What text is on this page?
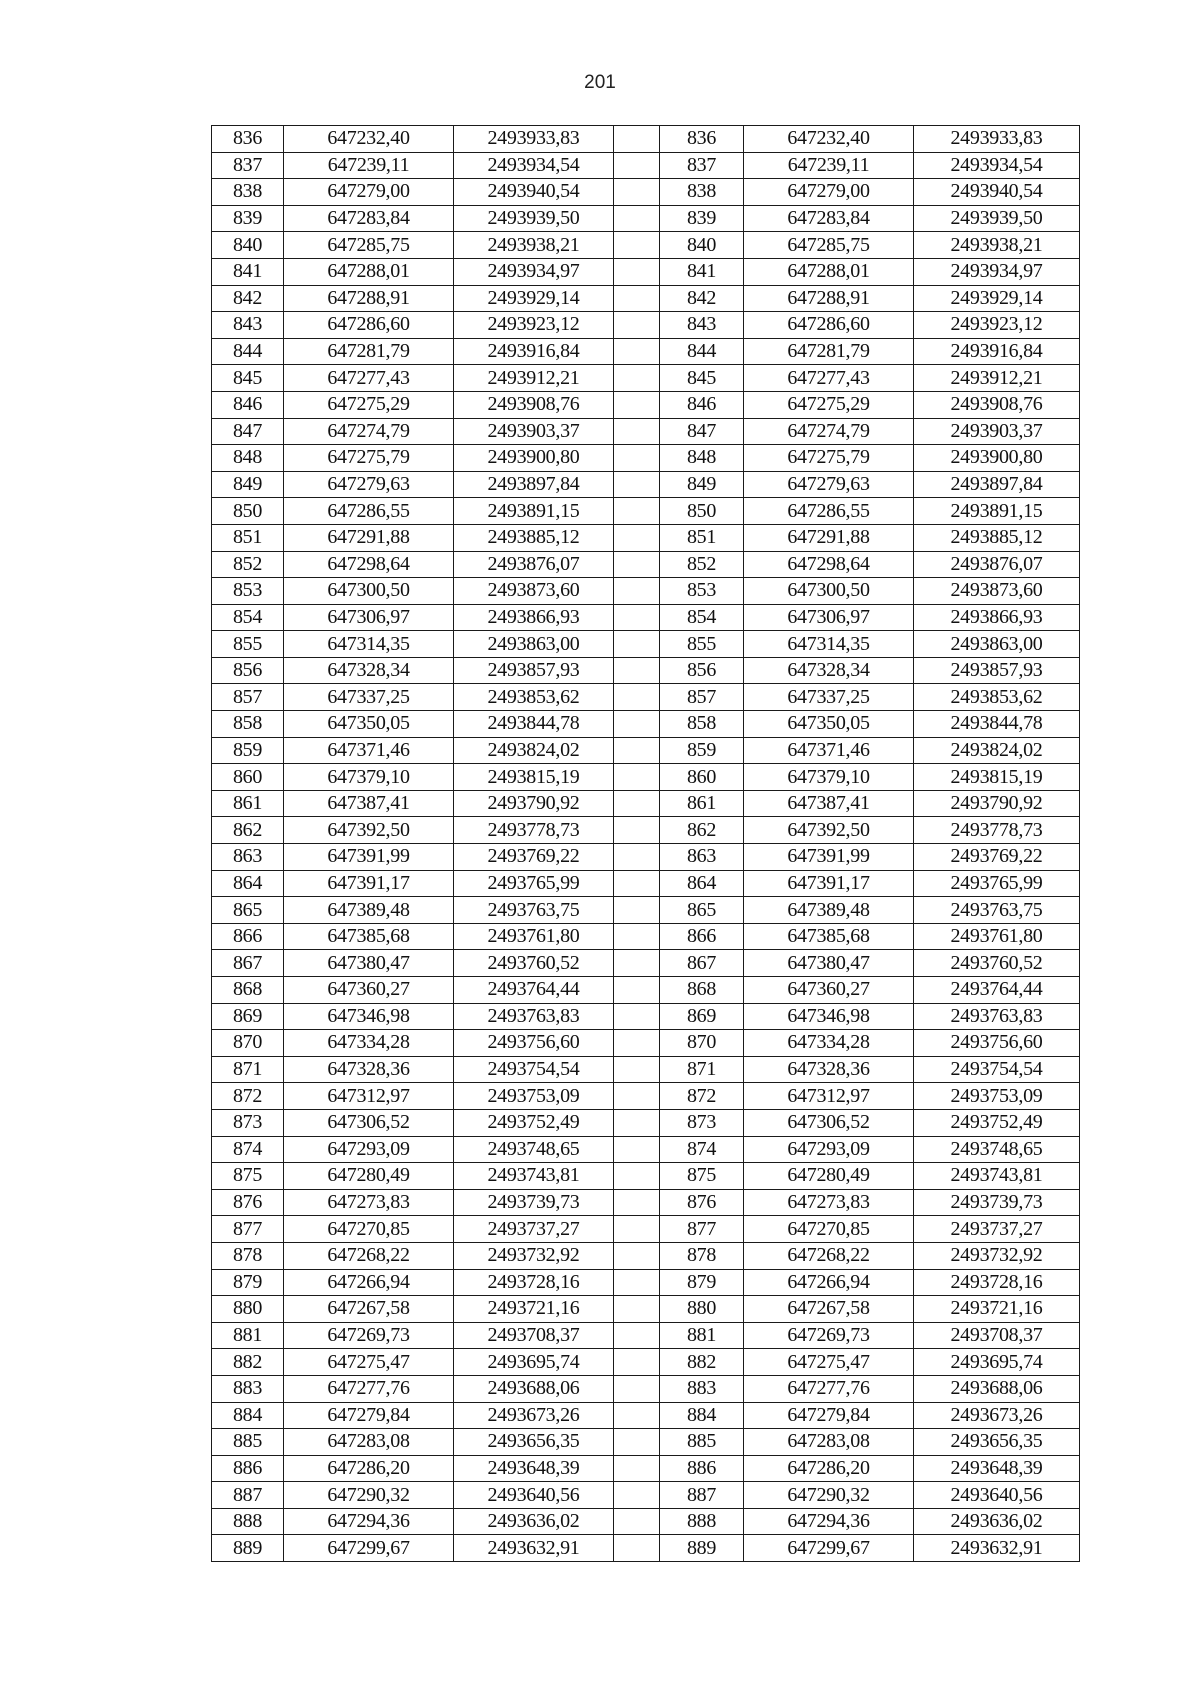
201
836	647232,40	2493933,83		836	647232,40	2493933,83
837	647239,11	2493934,54		837	647239,11	2493934,54
838	647279,00	2493940,54		838	647279,00	2493940,54
839	647283,84	2493939,50		839	647283,84	2493939,50
840	647285,75	2493938,21		840	647285,75	2493938,21
841	647288,01	2493934,97		841	647288,01	2493934,97
842	647288,91	2493929,14		842	647288,91	2493929,14
843	647286,60	2493923,12		843	647286,60	2493923,12
844	647281,79	2493916,84		844	647281,79	2493916,84
845	647277,43	2493912,21		845	647277,43	2493912,21
846	647275,29	2493908,76		846	647275,29	2493908,76
847	647274,79	2493903,37		847	647274,79	2493903,37
848	647275,79	2493900,80		848	647275,79	2493900,80
849	647279,63	2493897,84		849	647279,63	2493897,84
850	647286,55	2493891,15		850	647286,55	2493891,15
851	647291,88	2493885,12		851	647291,88	2493885,12
852	647298,64	2493876,07		852	647298,64	2493876,07
853	647300,50	2493873,60		853	647300,50	2493873,60
854	647306,97	2493866,93		854	647306,97	2493866,93
855	647314,35	2493863,00		855	647314,35	2493863,00
856	647328,34	2493857,93		856	647328,34	2493857,93
857	647337,25	2493853,62		857	647337,25	2493853,62
858	647350,05	2493844,78		858	647350,05	2493844,78
859	647371,46	2493824,02		859	647371,46	2493824,02
860	647379,10	2493815,19		860	647379,10	2493815,19
861	647387,41	2493790,92		861	647387,41	2493790,92
862	647392,50	2493778,73		862	647392,50	2493778,73
863	647391,99	2493769,22		863	647391,99	2493769,22
864	647391,17	2493765,99		864	647391,17	2493765,99
865	647389,48	2493763,75		865	647389,48	2493763,75
866	647385,68	2493761,80		866	647385,68	2493761,80
867	647380,47	2493760,52		867	647380,47	2493760,52
868	647360,27	2493764,44		868	647360,27	2493764,44
869	647346,98	2493763,83		869	647346,98	2493763,83
870	647334,28	2493756,60		870	647334,28	2493756,60
871	647328,36	2493754,54		871	647328,36	2493754,54
872	647312,97	2493753,09		872	647312,97	2493753,09
873	647306,52	2493752,49		873	647306,52	2493752,49
874	647293,09	2493748,65		874	647293,09	2493748,65
875	647280,49	2493743,81		875	647280,49	2493743,81
876	647273,83	2493739,73		876	647273,83	2493739,73
877	647270,85	2493737,27		877	647270,85	2493737,27
878	647268,22	2493732,92		878	647268,22	2493732,92
879	647266,94	2493728,16		879	647266,94	2493728,16
880	647267,58	2493721,16		880	647267,58	2493721,16
881	647269,73	2493708,37		881	647269,73	2493708,37
882	647275,47	2493695,74		882	647275,47	2493695,74
883	647277,76	2493688,06		883	647277,76	2493688,06
884	647279,84	2493673,26		884	647279,84	2493673,26
885	647283,08	2493656,35		885	647283,08	2493656,35
886	647286,20	2493648,39		886	647286,20	2493648,39
887	647290,32	2493640,56		887	647290,32	2493640,56
888	647294,36	2493636,02		888	647294,36	2493636,02
889	647299,67	2493632,91		889	647299,67	2493632,91
